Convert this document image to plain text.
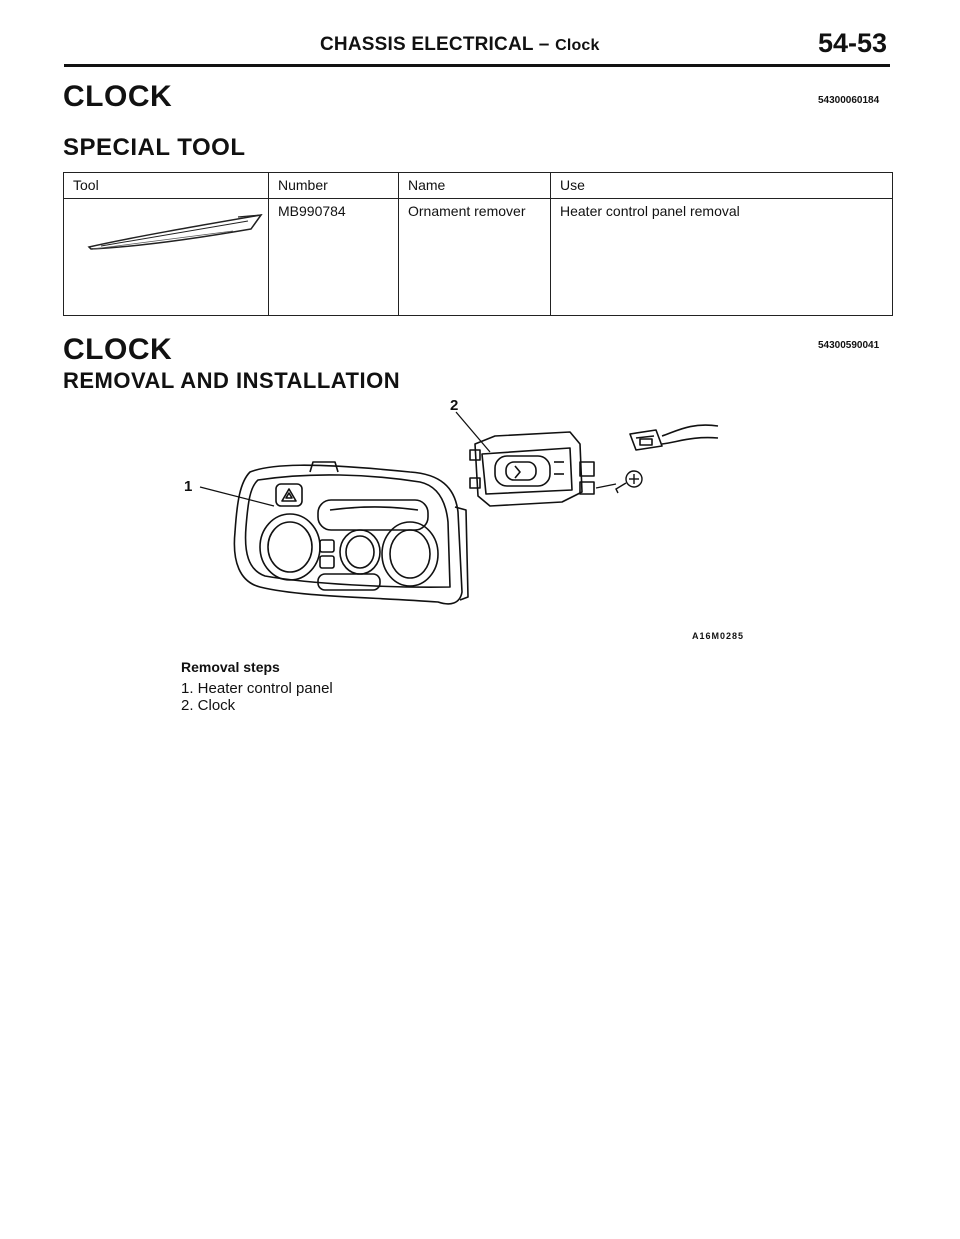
CHASSIS ELECTRICAL – Clock	54-53
CLOCK	54300060184
SPECIAL TOOL
Tool	Number	Name	Use
	MB990784	Ornament remover	Heater control panel removal
CLOCK	54300590041
REMOVAL AND INSTALLATION
1
2
A16M0285
Removal steps
1. Heater control panel
2. Clock
